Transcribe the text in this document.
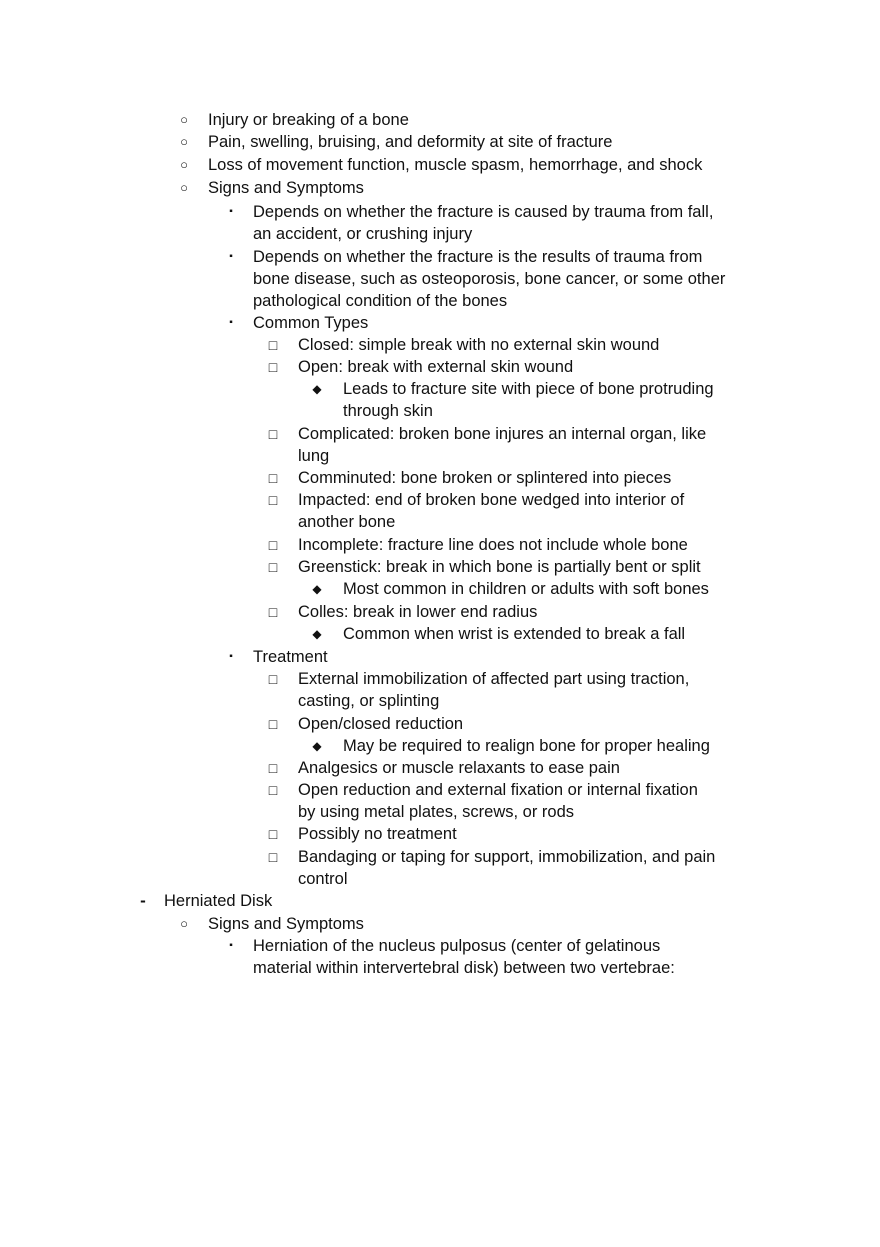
○ Injury or breaking of a bone
○ Pain, swelling, bruising, and deformity at site of fracture
○ Loss of movement function, muscle spasm, hemorrhage, and shock
○ Signs and Symptoms
▪ Depends on whether the fracture is caused by trauma from fall,
an accident, or crushing injury
▪ Depends on whether the fracture is the results of trauma from
bone disease, such as osteoporosis, bone cancer, or some other
pathological condition of the bones
▪ Common Types
□ Closed: simple break with no external skin wound
□ Open: break with external skin wound
◆ Leads to fracture site with piece of bone protruding
through skin
□ Complicated: broken bone injures an internal organ, like
lung
□ Comminuted: bone broken or splintered into pieces
□ Impacted: end of broken bone wedged into interior of
another bone
□ Incomplete: fracture line does not include whole bone
□ Greenstick: break in which bone is partially bent or split
◆ Most common in children or adults with soft bones
□ Colles: break in lower end radius
◆ Common when wrist is extended to break a fall
▪ Treatment
□ External immobilization of affected part using traction,
casting, or splinting
□ Open/closed reduction
◆ May be required to realign bone for proper healing
□ Analgesics or muscle relaxants to ease pain
□ Open reduction and external fixation or internal fixation
by using metal plates, screws, or rods
□ Possibly no treatment
□ Bandaging or taping for support, immobilization, and pain
control
- Herniated Disk
○ Signs and Symptoms
▪ Herniation of the nucleus pulposus (center of gelatinous
material within intervertebral disk) between two vertebrae:
